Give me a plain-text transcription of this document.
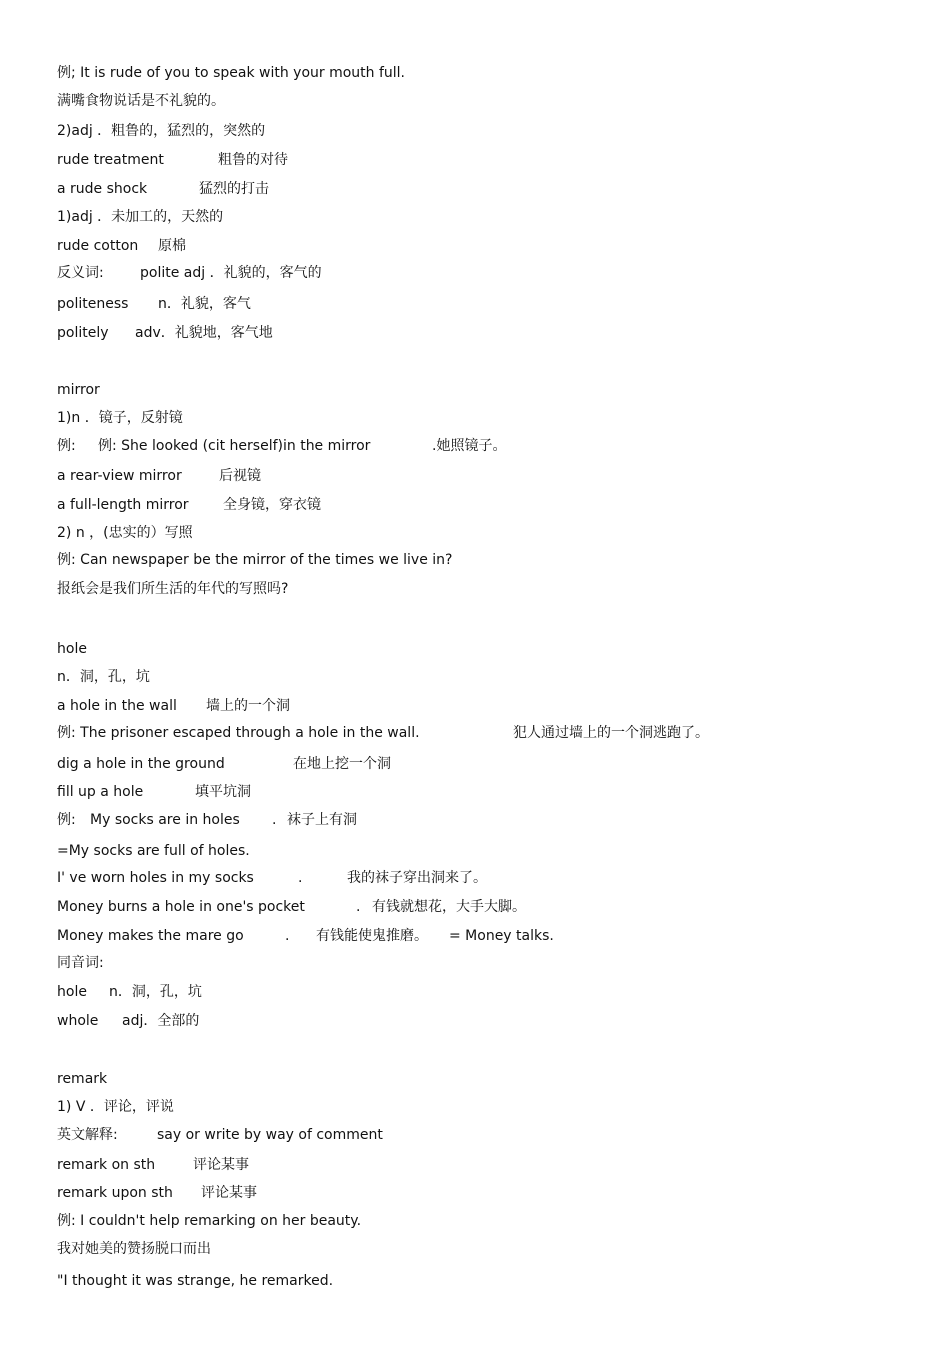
例; It is rude of you to speak with your mouth full.
满嘴食物说话是不礼貌的。
2)adj ．粗鲁的，猛烈的，突然的
rude treatment	粗鲁的对待
a rude shock	猛烈的打击
1)adj ．未加工的，天然的
rude cotton 原棉
反义词:	polite adj ．礼貌的，客气的
politeness n．礼貌，客气
politely adv．礼貌地，客气地
mirror
1)n ．镜子，反射镜
例: 例: She looked (cit herself)in the mirror	.她照镜子。
a rear-view mirror	后视镜
a full-length mirror 全身镜，穿衣镜
2) n ，(忠实的）写照
例: Can newspaper be the mirror of the times we live in?
报纸会是我们所生活的年代的写照吗?
hole
n．洞，孔，坑
a hole in the wall 墙上的一个洞
例: The prisoner escaped through a hole in the wall.	犯人通过墙上的一个洞逃跑了。
dig a hole in the ground	在地上挖一个洞
fill up a hole	填平坑洞
例: My socks are in holes . 袜子上有洞
=My socks are full of holes.
I' ve worn holes in my socks	.	我的袜子穿出洞来了。
Money burns a hole in one's pocket	. 有钱就想花，大手大脚。
Money makes the mare go	. 有钱能使鬼推磨。 = Money talks.
同音词:
hole n．洞，孔，坑
whole adj．全部的
remark
1) V ．评论，评说
英文解释:	say or write by way of comment
remark on sth	评论某事
remark upon sth 评论某事
例: I couldn't help remarking on her beauty.
我对她美的赞扬脱口而出
"I thought it was strange, he remarked.
